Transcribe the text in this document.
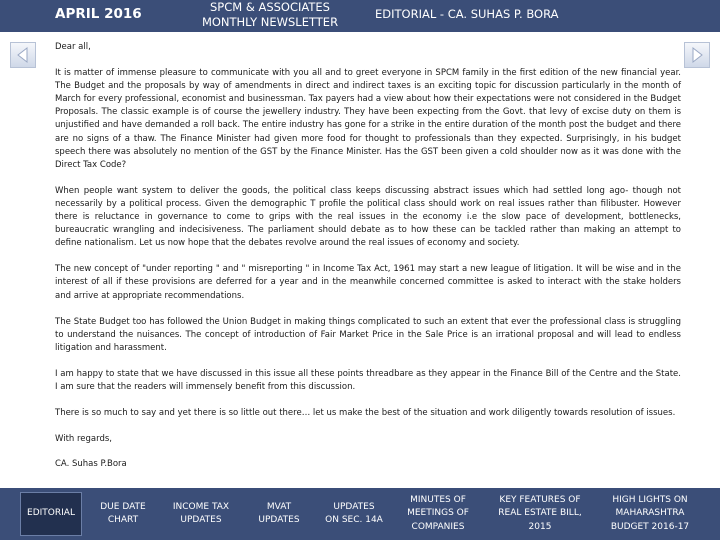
APRIL 2016	SPCM & ASSOCIATES
MONTHLY NEWSLETTER
EDITORIAL - CA. SUHAS P. BORA

Dear all,

It is matter of immense pleasure to communicate with you all and to greet everyone in SPCM family in the first edition of the new financial year. The Budget and the proposals by way of amendments in direct and indirect taxes is an exciting topic for discussion particularly in the month of March for every professional, economist and businessman. Tax payers had a view about how their expectations were not considered in the Budget Proposals. The classic example is of course the jewellery industry. They have been expecting from the Govt. that levy of excise duty on them is unjustified and have demanded a roll back. The entire industry has gone for a strike in the entire duration of the month post the budget and there are no signs of a thaw. The Finance Minister had given more food for thought to professionals than they expected. Surprisingly, in his budget speech there was absolutely no mention of the GST by the Finance Minister. Has the GST been given a cold shoulder now as it was done with the Direct Tax Code?

When people want system to deliver the goods, the political class keeps discussing abstract issues which had settled long ago- though not necessarily by a political process. Given the demographic T profile the political class should work on real issues rather than filibuster. However there is reluctance in governance to come to grips with the real issues in the economy i.e the slow pace of development, bottlenecks, bureaucratic wrangling and indecisiveness. The parliament should debate as to how these can be tackled rather than making an attempt to define nationalism. Let us now hope that the debates revolve around the real issues of economy and society.

The new concept of "under reporting " and " misreporting " in Income Tax Act, 1961 may start a new league of litigation. It will be wise and in the interest of all if these provisions are deferred for a year and in the meanwhile concerned committee is asked to interact with the stake holders and arrive at appropriate recommendations.

The State Budget too has followed the Union Budget in making things complicated to such an extent that ever the professional class is struggling to understand the nuisances. The concept of introduction of Fair Market Price in the Sale Price is an irrational proposal and will lead to endless litigation and harassment.

I am happy to state that we have discussed in this issue all these points threadbare as they appear in the Finance Bill of the Centre and the State. I am sure that the readers will immensely benefit from this discussion.

There is so much to say and yet there is so little out there… let us make the best of the situation and work diligently towards resolution of issues.

With regards,

CA. Suhas P.Bora

EDITORIAL
DUE DATE
CHART
INCOME TAX
UPDATES
MVAT
UPDATES
UPDATES
ON SEC. 14A
MINUTES OF
MEETINGS OF
COMPANIES
KEY FEATURES OF
REAL ESTATE BILL,
2015
HIGH LIGHTS ON
MAHARASHTRA
BUDGET 2016-17
